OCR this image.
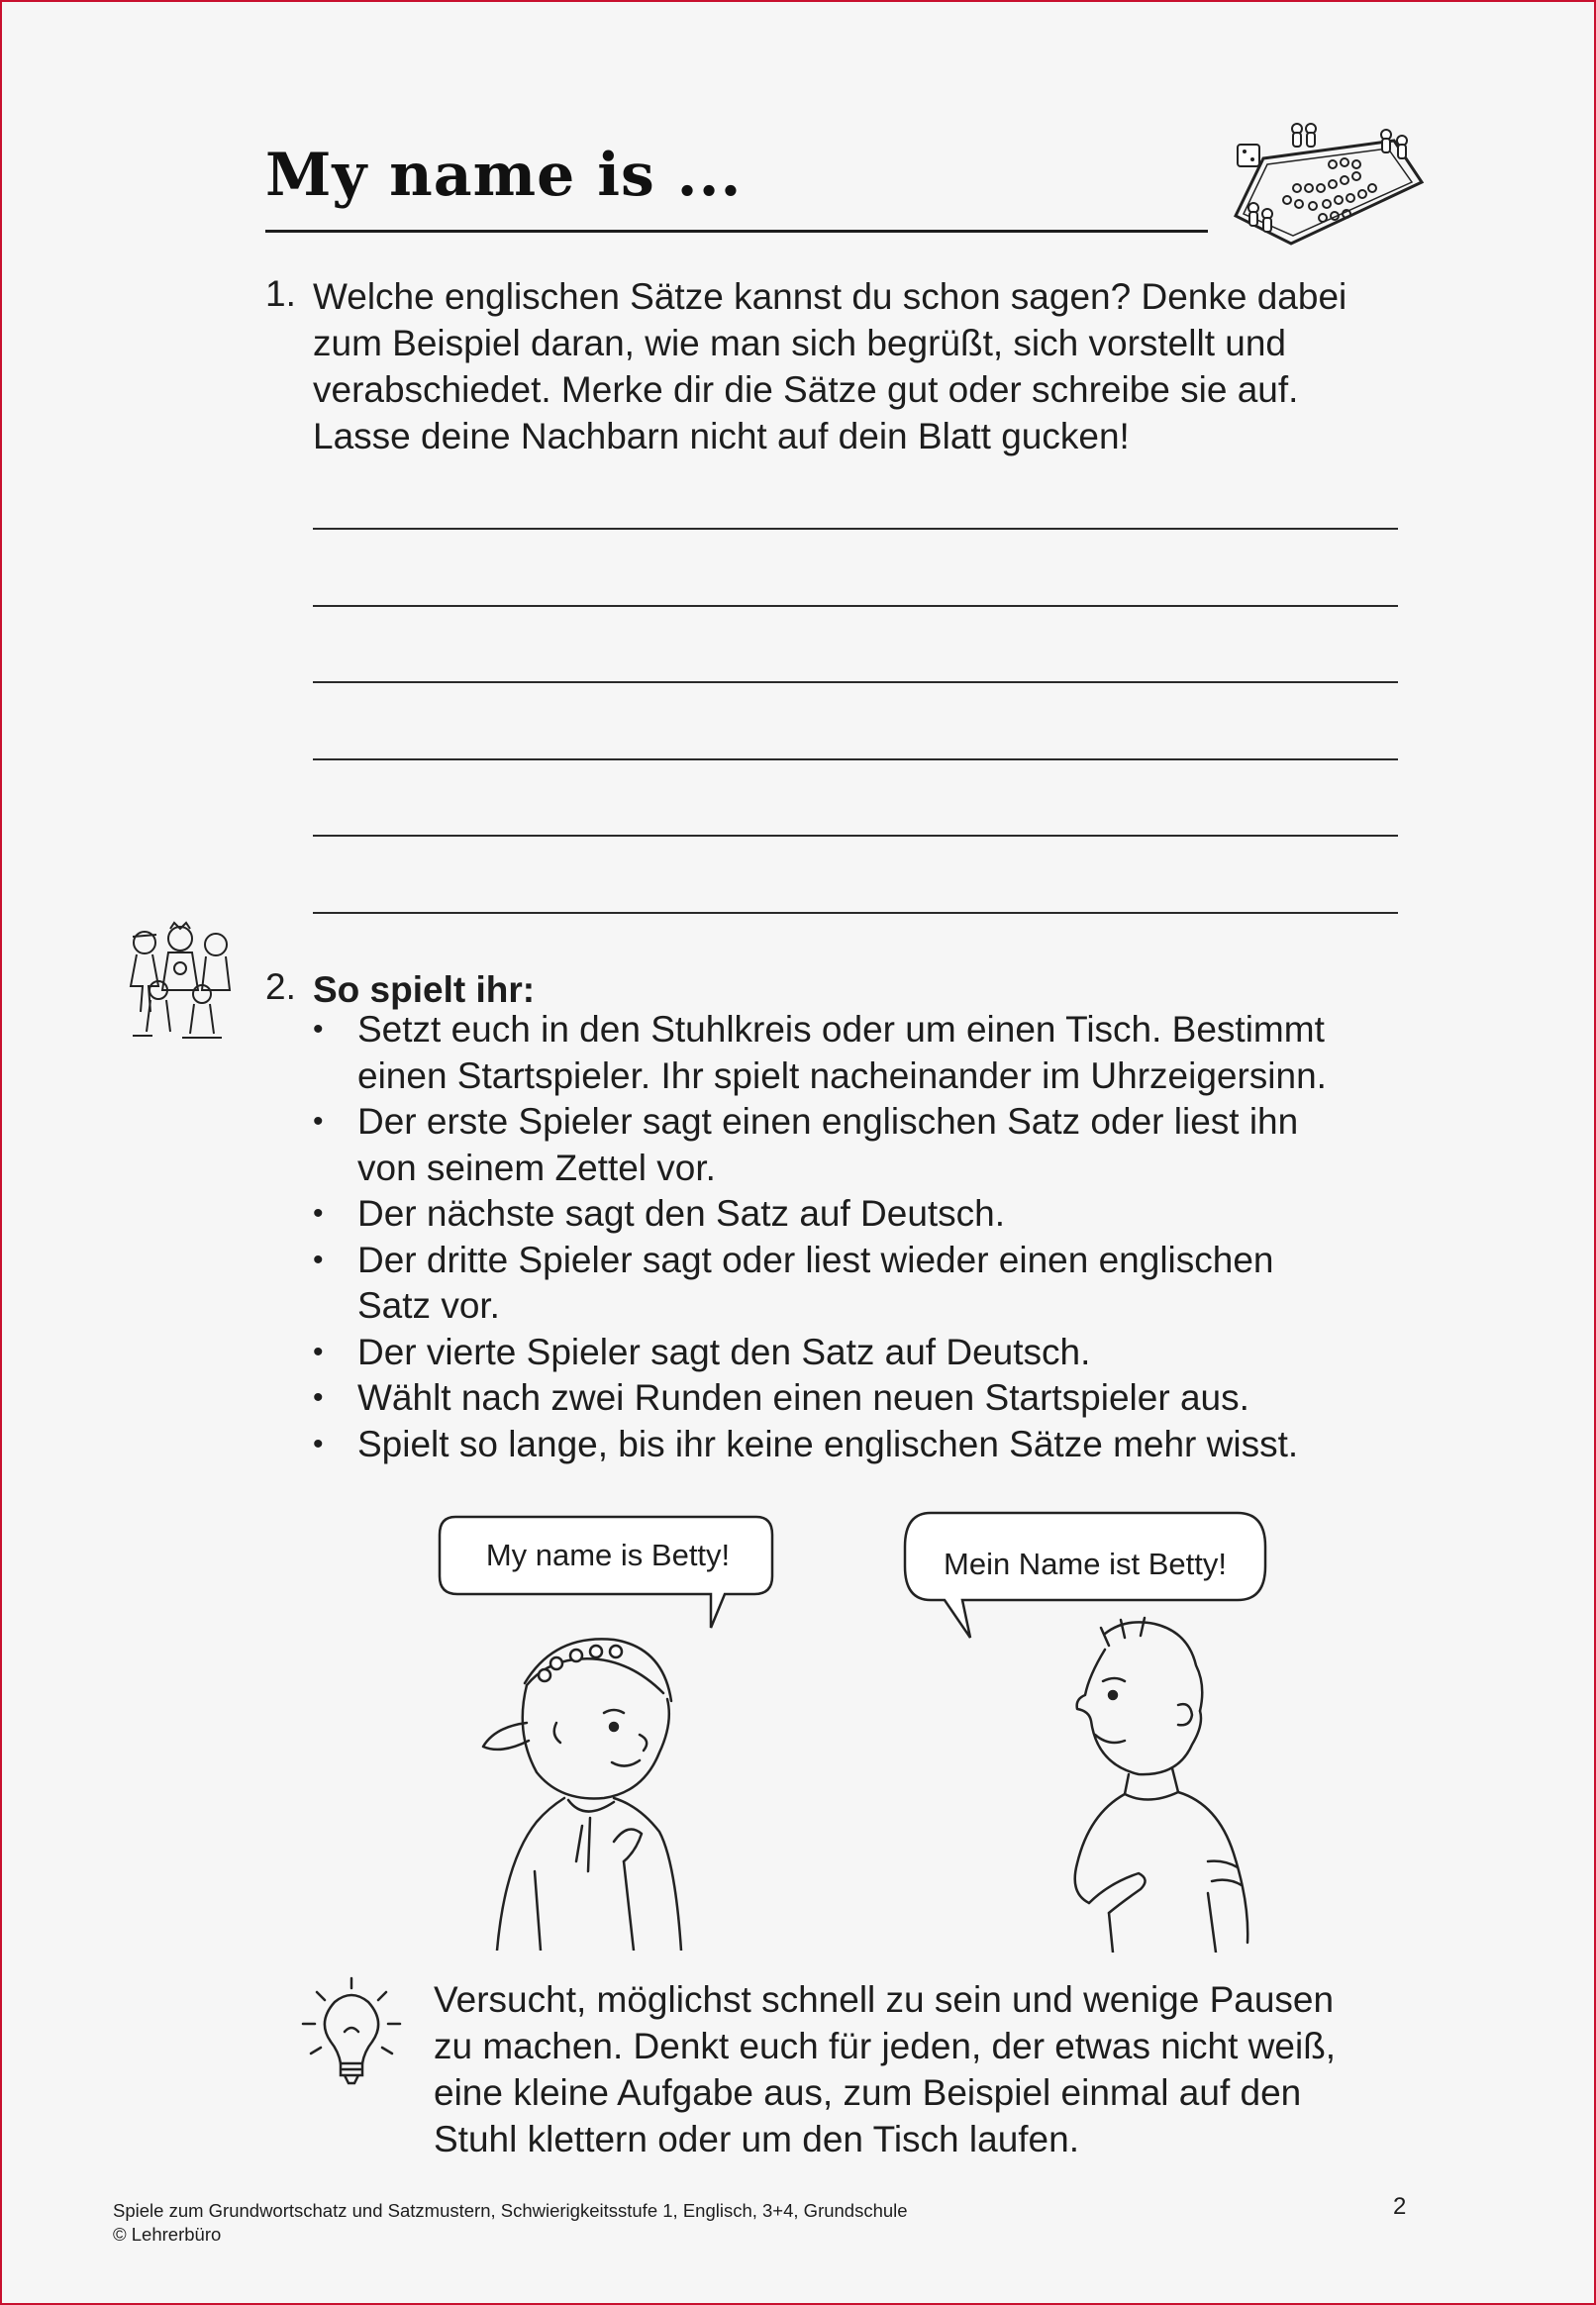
My name is ...
1. Welche englischen Sätze kannst du schon sagen? Denke dabei

zum Beispiel daran, wie man sich begrüßt, sich vorstellt und

verabschiedet. Merke dir die Sätze gut oder schreibe sie auf.

Lasse deine Nachbarn nicht auf dein Blatt gucken!

2. So spielt ihr:
• Setzt euch in den Stuhlkreis oder um einen Tisch. Bestimmt
einen Startspieler. Ihr spielt nacheinander im Uhrzeigersinn.
• Der erste Spieler sagt einen englischen Satz oder liest ihn
von seinem Zettel vor.
• Der nächste sagt den Satz auf Deutsch.
• Der dritte Spieler sagt oder liest wieder einen englischen
Satz vor.
• Der vierte Spieler sagt den Satz auf Deutsch.
• Wählt nach zwei Runden einen neuen Startspieler aus.
• Spielt so lange, bis ihr keine englischen Sätze mehr wisst.
My name is Betty!	Mein Name ist Betty!

Versucht, möglichst schnell zu sein und wenige Pausen

zu machen. Denkt euch für jeden, der etwas nicht weiß,

eine kleine Aufgabe aus, zum Beispiel einmal auf den

Stuhl klettern oder um den Tisch laufen.

Spiele zum Grundwortschatz und Satzmustern, Schwierigkeitsstufe 1, Englisch, 3+4, Grundschule
© Lehrerbüro
2
